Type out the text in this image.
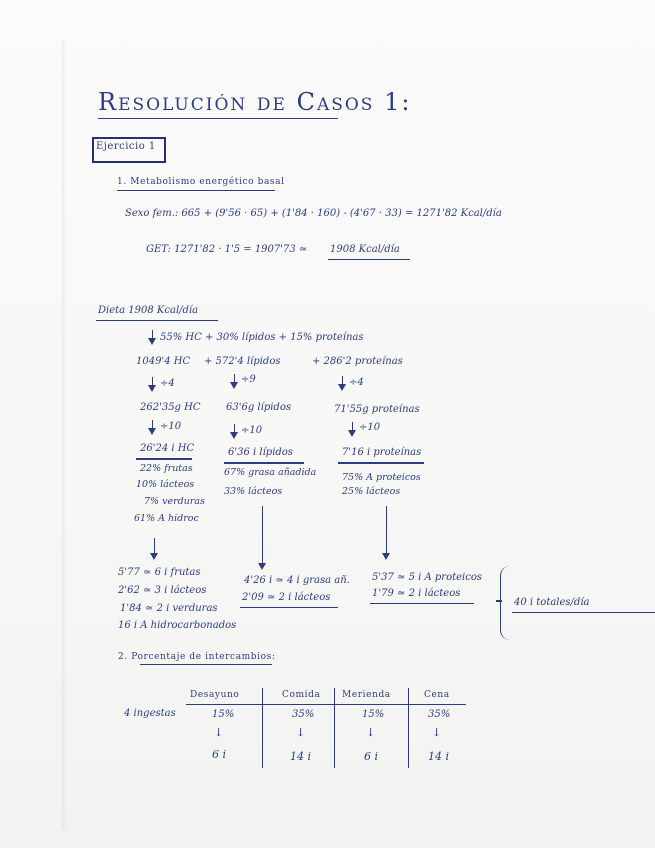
Resolución de Casos 1:
Ejercicio 1
1. Metabolismo energético basal
Sexo fem.: 665 + (9'56 · 65) + (1'84 · 160) - (4'67 · 33) = 1271'82 Kcal/día
GET: 1271'82 · 1'5 = 1907'73 ≃ 1908 Kcal/día
Dieta 1908 Kcal/día
55% HC + 30% lípidos + 15% proteínas
1049'4 HC + 572'4 lípidos	+ 286'2 proteínas
÷4	÷9	÷4
262'35g HC	63'6g lípidos	71'55g proteínas
÷10	÷10	÷10
26'24 i HC	6'36 i lípidos	7'16 i proteínas
22% frutas
10% lácteos
7% verduras
61% A hidroc
67% grasa añadida
33% lácteos
75% A proteicos
25% lácteos
5'77 ≃ 6 i frutas
2'62 ≃ 3 i lácteos
1'84 ≃ 2 i verduras
16 i A hidrocarbonados
4'26 i ≃ 4 i grasa añ.
2'09 ≃ 2 i lácteos
5'37 ≃ 5 i A proteicos
1'79 ≃ 2 i lácteos
40 i totales/día
2. Porcentaje de intercambios:
4 ingestas
Desayuno	Comida Merienda	Cena
15%	35%	15%	35%
↓	↓	↓	↓
6 i	14 i	6 i	14 i
